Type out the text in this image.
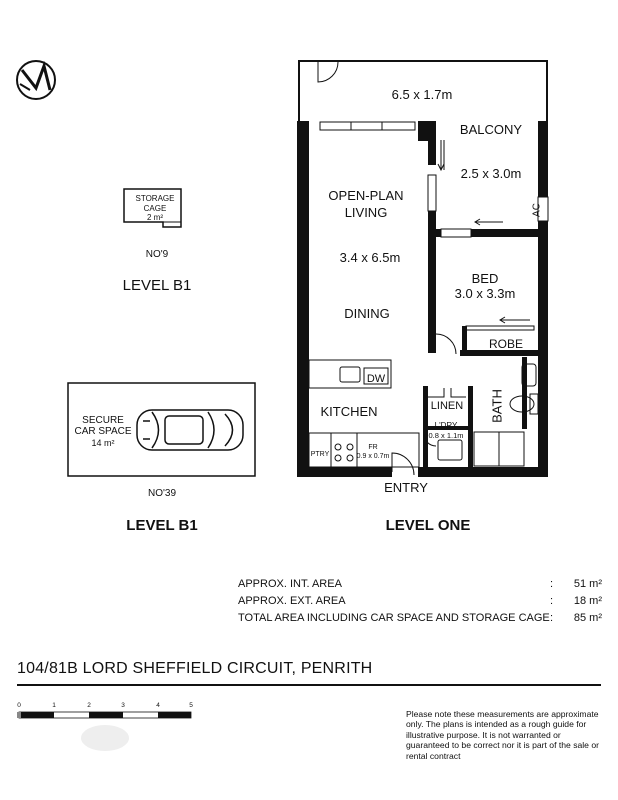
STORAGE
CAGE
2 m²
NO'9
LEVEL B1
SECURE
CAR SPACE
14 m²
NO'39
LEVEL B1
6.5 x 1.7m
BALCONY
2.5 x 3.0m
AC
OPEN-PLAN
LIVING
3.4 x 6.5m
DINING
BED
3.0 x 3.3m
ROBE
DW
KITCHEN	LINEN BATH
L'DRY
0.8 x 1.1m
PTRY
FR
0.9 x 0.7m
ENTRY
LEVEL ONE
0	1	2	3	4	5
APPROX. INT. AREA	: 51 m²
APPROX. EXT. AREA	: 18 m²
TOTAL AREA INCLUDING CAR SPACE AND STORAGE CAGE : 85 m²
104/81B LORD SHEFFIELD CIRCUIT, PENRITH
Please note these measurements are approximate only. The plans is intended as a rough guide for illustrative purpose. It is not warranted or guaranteed to be correct nor it is part of the sale or rental contract
